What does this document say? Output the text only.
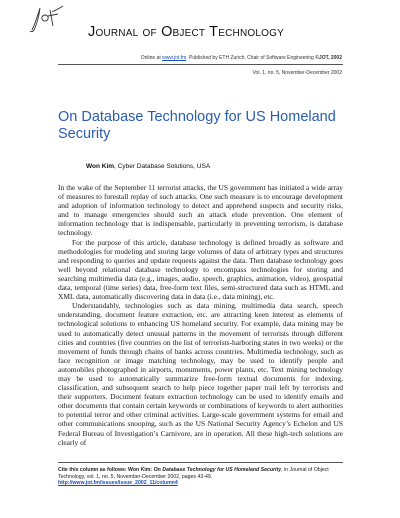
Journal of Object Technology
Online at www.jot.fm. Published by ETH Zurich, Chair of Software Engineering ©JOT, 2002
Vol. 1, no. 5, November-December 2002
On Database Technology for US Homeland Security
Won Kim, Cyber Database Solutions, USA

In the wake of the September 11 terrorist attacks, the US government has initiated a wide array of measures to forestall replay of such attacks. One such measure is to encourage development and adoption of information technology to detect and apprehend suspects and security risks, and to manage emergencies should such an attack elude prevention. One element of information technology that is indispensable, particularly in preventing terrorism, is database technology.

For the purpose of this article, database technology is defined broadly as software and methodologies for modeling and storing large volumes of data of arbitrary types and structures and responding to queries and update requests against the data. Then database technology goes well beyond relational database technology to encompass technologies for storing and searching multimedia data (e.g., images, audio, speech, graphics, animation, video), geospatial data, temporal (time series) data, free-form text files, semi-structured data such as HTML and XML data, automatically discovering data in data (i.e., data mining), etc.

Understandably, technologies such as data mining, multimedia data search, speech understanding, document feature extraction, etc. are attracting keen interest as elements of technological solutions to enhancing US homeland security. For example, data mining may be used to automatically detect unusual patterns in the movement of terrorists through different cities and countries (five countries on the list of terrorists-harboring states in two weeks) or the movement of funds through chains of banks across countries. Multimedia technology, such as face recognition or image matching technology, may be used to identify people and automobiles photographed in airports, monuments, power plants, etc. Text mining technology may be used to automatically summarize free-form textual documents for indexing, classification, and subsequent search to help piece together paper trail left by terrorists and their supporters. Document feature extraction technology can be used to identify emails and other documents that contain certain keywords or combinations of keywords to alert authorities to potential terror and other criminal activities. Large-scale government systems for email and other communications snooping, such as the US National Security Agency’s Echelon and US Federal Bureau of Investigation’s Carnivore, are in operation. All these high-tech solutions are clearly of

Cite this column as follows: Won Kim: On Database Technology for US Homeland Security, in Journal of Object Technology, vol. 1, no. 5, November-December 2002, pages 43-49.
http://www.jot.fm/issues/issue_2002_11/column4
